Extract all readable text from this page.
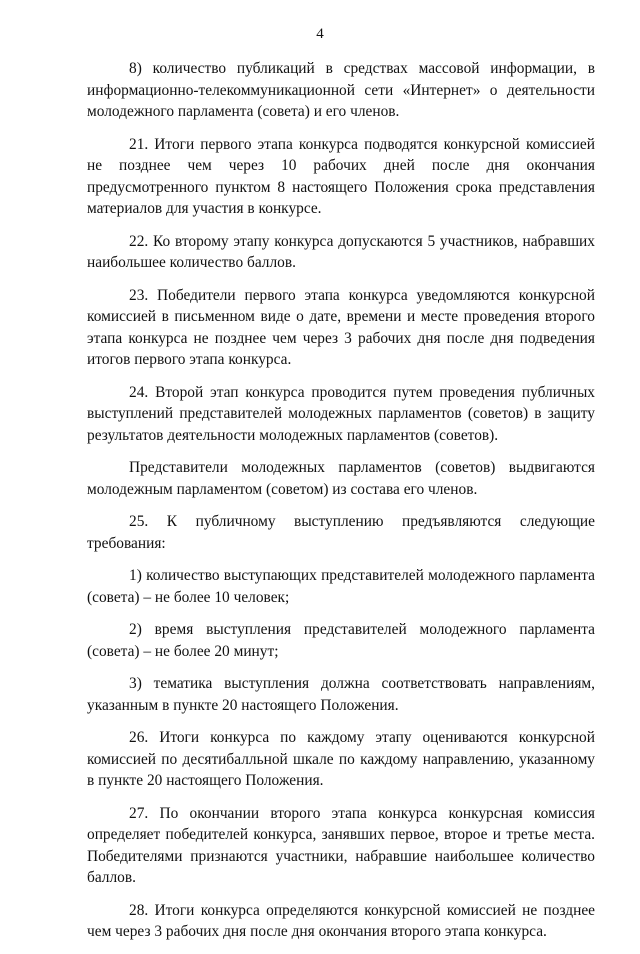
4

8) количество публикаций в средствах массовой информации, в информационно-телекоммуникационной сети «Интернет» о деятельности молодежного парламента (совета) и его членов.

21. Итоги первого этапа конкурса подводятся конкурсной комиссией не позднее чем через 10 рабочих дней после дня окончания предусмотренного пунктом 8 настоящего Положения срока представления материалов для участия в конкурсе.

22. Ко второму этапу конкурса допускаются 5 участников, набравших наибольшее количество баллов.

23. Победители первого этапа конкурса уведомляются конкурсной комиссией в письменном виде о дате, времени и месте проведения второго этапа конкурса не позднее чем через 3 рабочих дня после дня подведения итогов первого этапа конкурса.

24. Второй этап конкурса проводится путем проведения публичных выступлений представителей молодежных парламентов (советов) в защиту результатов деятельности молодежных парламентов (советов).

Представители молодежных парламентов (советов) выдвигаются молодежным парламентом (советом) из состава его членов.

25. К публичному выступлению предъявляются следующие требования:

1) количество выступающих представителей молодежного парламента (совета) – не более 10 человек;

2) время выступления представителей молодежного парламента (совета) – не более 20 минут;

3) тематика выступления должна соответствовать направлениям, указанным в пункте 20 настоящего Положения.

26. Итоги конкурса по каждому этапу оцениваются конкурсной комиссией по десятибалльной шкале по каждому направлению, указанному в пункте 20 настоящего Положения.

27. По окончании второго этапа конкурса конкурсная комиссия определяет победителей конкурса, занявших первое, второе и третье места. Победителями признаются участники, набравшие наибольшее количество баллов.

28. Итоги конкурса определяются конкурсной комиссией не позднее чем через 3 рабочих дня после дня окончания второго этапа конкурса.
